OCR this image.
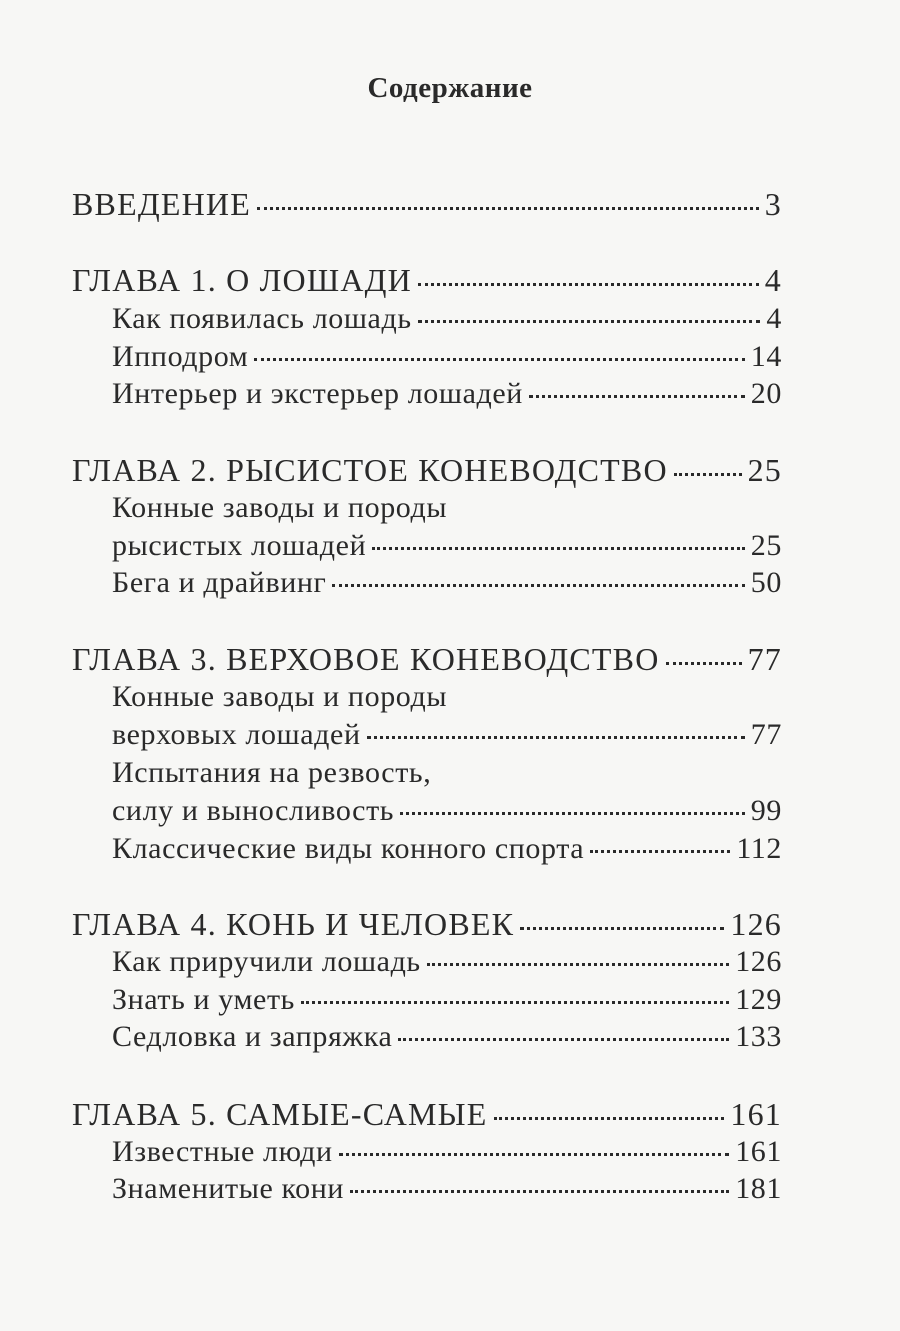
Содержание
ВВЕДЕНИЕ	3
ГЛАВА 1. О ЛОШАДИ	4
Как появилась лошадь	4
Ипподром	14
Интерьер и экстерьер лошадей	20
ГЛАВА 2. РЫСИСТОЕ КОНЕВОДСТВО 25
Конные заводы и породы
рысистых лошадей	25
Бега и драйвинг	50
ГЛАВА 3. ВЕРХОВОЕ КОНЕВОДСТВО	77
Конные заводы и породы
верховых лошадей	77
Испытания на резвость,
силу и выносливость	99
Классические виды конного спорта	112
ГЛАВА 4. КОНЬ И ЧЕЛОВЕК	126
Как приручили лошадь	126
Знать и уметь	129
Седловка и запряжка	133
ГЛАВА 5. САМЫЕ-САМЫЕ	161
Известные люди	161
Знаменитые кони	181
